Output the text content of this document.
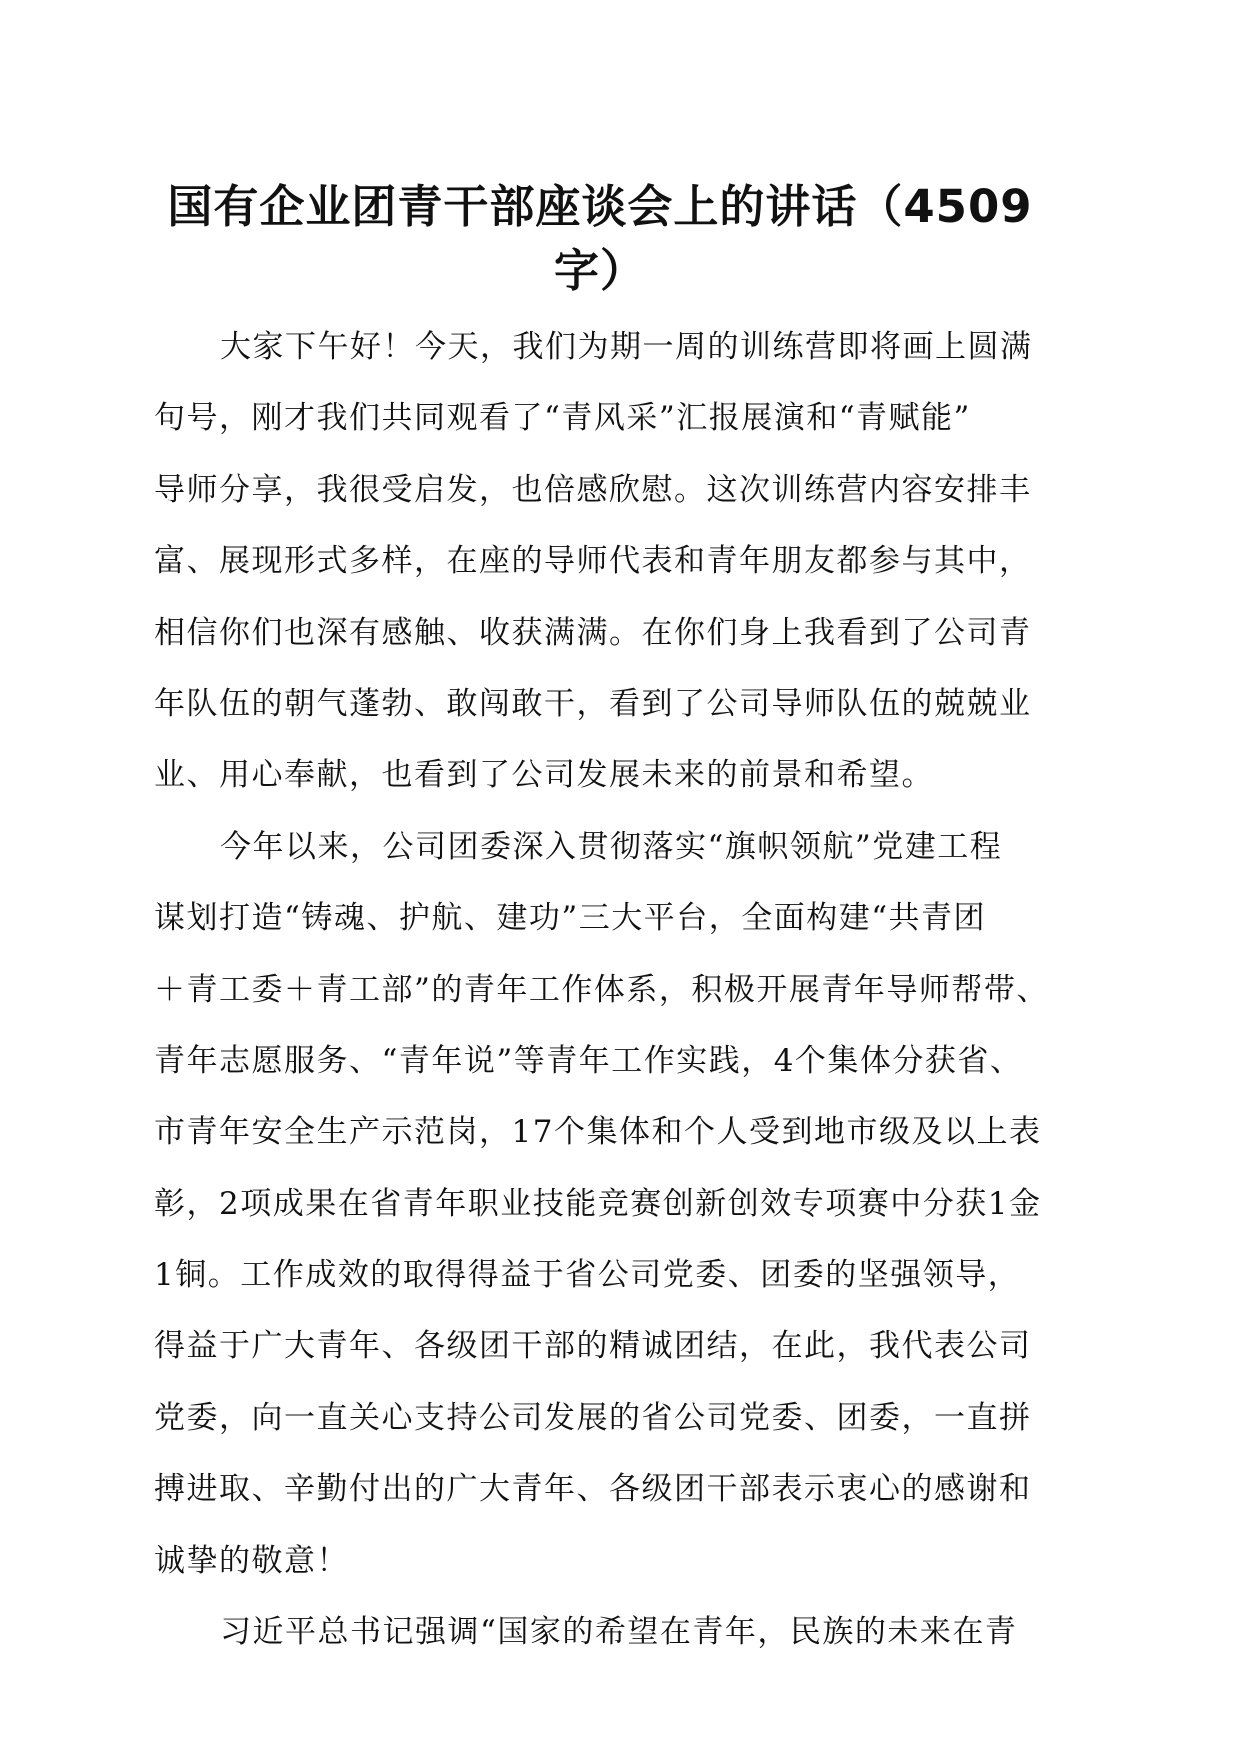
国有企业团青干部座谈会上的讲话（4509
字）

大家下午好！今天，我们为期一周的训练营即将画上圆满
句号，刚才我们共同观看了“青风采”汇报展演和“青赋能”
导师分享，我很受启发，也倍感欣慰。这次训练营内容安排丰
富、展现形式多样，在座的导师代表和青年朋友都参与其中，
相信你们也深有感触、收获满满。在你们身上我看到了公司青
年队伍的朝气蓬勃、敢闯敢干，看到了公司导师队伍的兢兢业
业、用心奉献，也看到了公司发展未来的前景和希望。

今年以来，公司团委深入贯彻落实“旗帜领航”党建工程
谋划打造“铸魂、护航、建功”三大平台，全面构建“共青团
＋青工委＋青工部”的青年工作体系，积极开展青年导师帮带、
青年志愿服务、“青年说”等青年工作实践，4个集体分获省、
市青年安全生产示范岗，17个集体和个人受到地市级及以上表
彰，2项成果在省青年职业技能竞赛创新创效专项赛中分获1金
1铜。工作成效的取得得益于省公司党委、团委的坚强领导，
得益于广大青年、各级团干部的精诚团结，在此，我代表公司
党委，向一直关心支持公司发展的省公司党委、团委，一直拼
搏进取、辛勤付出的广大青年、各级团干部表示衷心的感谢和
诚挚的敬意！

习近平总书记强调“国家的希望在青年，民族的未来在青
